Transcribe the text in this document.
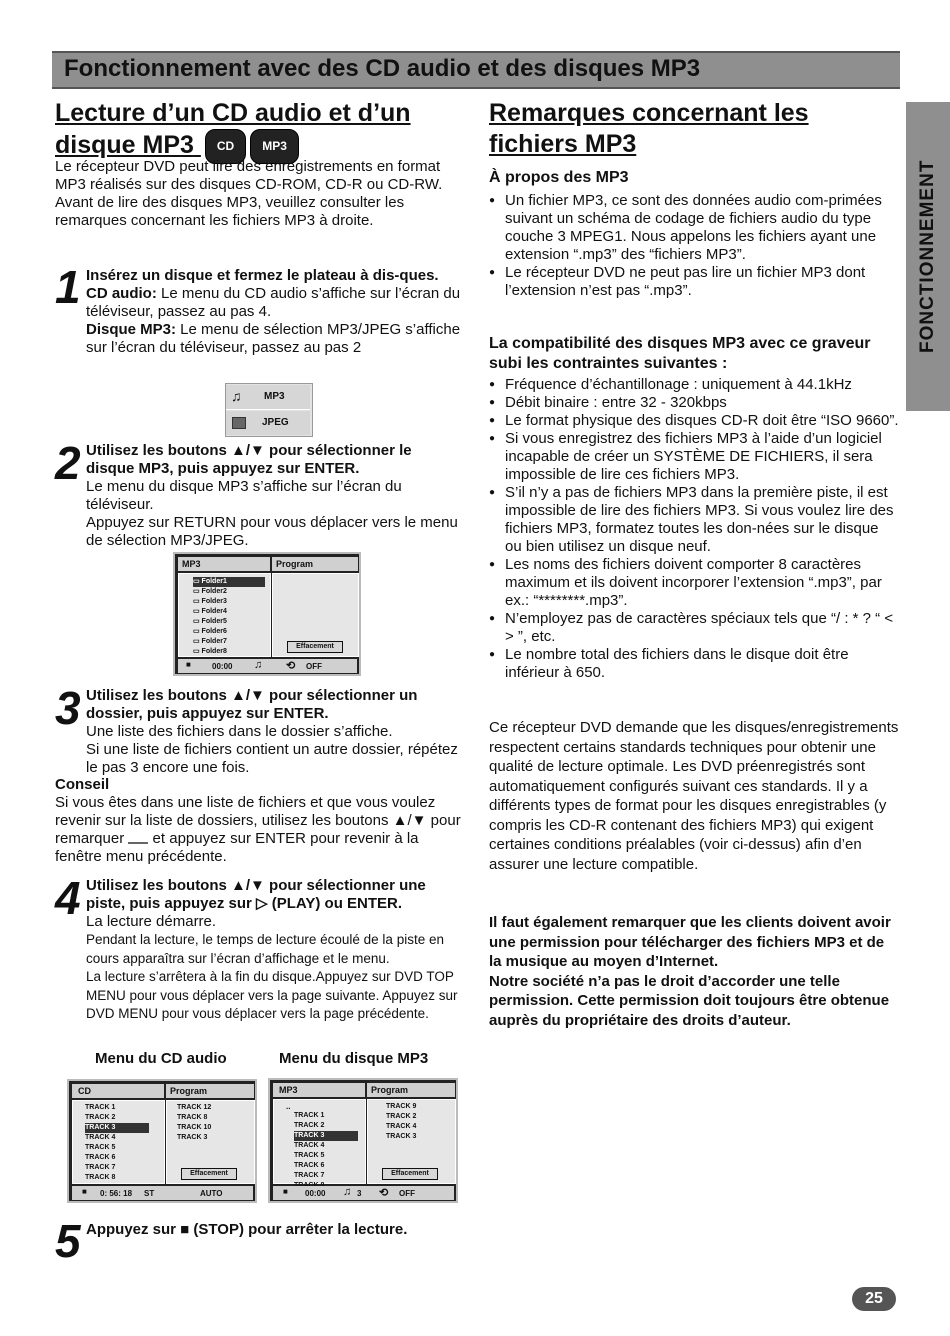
Fonctionnement avec des CD audio et des disques MP3
FONCTIONNEMENT
Lecture d’un CD audio et d’un
disque MP3 CD MP3
Le récepteur DVD peut lire des enregistrements en format MP3 réalisés sur des disques CD-ROM, CD-R ou CD-RW. Avant de lire des disques MP3, veuillez consulter les remarques concernant les fichiers MP3 à droite.
1 Insérez un disque et fermez le plateau à dis-ques.
CD audio: Le menu du CD audio s’affiche sur l’écran du téléviseur, passez au pas 4.
Disque MP3: Le menu de sélection MP3/JPEG s’affiche sur l’écran du téléviseur, passez au pas 2
♫ MP3
JPEG
2 Utilisez les boutons ▲/▼ pour sélectionner le disque MP3, puis appuyez sur ENTER.
Le menu du disque MP3 s’affiche sur l’écran du téléviseur.
Appuyez sur RETURN pour vous déplacer vers le menu de sélection MP3/JPEG.
MP3	Program
▭ Folder1
▭ Folder2
▭ Folder3
▭ Folder4
▭ Folder5
▭ Folder6
▭ Folder7
▭ Folder8
Effacement
■	00:00 ♫ ⟲ OFF
3 Utilisez les boutons ▲/▼ pour sélectionner un dossier, puis appuyez sur ENTER.
Une liste des fichiers dans le dossier s’affiche.
Si une liste de fichiers contient un autre dossier, répétez le pas 3 encore une fois.
Conseil
Si vous êtes dans une liste de fichiers et que vous voulez revenir sur la liste de dossiers, utilisez les boutons ▲/▼ pour remarquer et appuyez sur ENTER pour revenir à la fenêtre menu précédente.
4 Utilisez les boutons ▲/▼ pour sélectionner une piste, puis appuyez sur ▷ (PLAY) ou ENTER.
La lecture démarre.
Pendant la lecture, le temps de lecture écoulé de la piste en cours apparaîtra sur l’écran d’affichage et le menu.
La lecture s’arrêtera à la fin du disque.Appuyez sur DVD TOP MENU pour vous déplacer vers la page suivante. Appuyez sur DVD MENU pour vous déplacer vers la page précédente.
Menu du CD audio	Menu du disque MP3
CD	Program
TRACK 1
TRACK 2
TRACK 3
TRACK 4
TRACK 5
TRACK 6
TRACK 7
TRACK 8
TRACK 12
TRACK 8
TRACK 10
TRACK 3
Effacement
■ 0: 56: 18 ST	AUTO
MP3	Program
..
TRACK 1
TRACK 2
TRACK 3
TRACK 4
TRACK 5
TRACK 6
TRACK 7
TRACK 9
TRACK 2
TRACK 4
TRACK 3
Effacement
■ 00:00 ♫ 3 ⟲ OFF
5 Appuyez sur ■ (STOP) pour arrêter la lecture.
Remarques concernant les
fichiers MP3
À propos des MP3
● Un fichier MP3, ce sont des données audio com-primées suivant un schéma de codage de fichiers audio du type couche 3 MPEG1. Nous appelons les fichiers ayant une extension “.mp3” des “fichiers MP3”.
● Le récepteur DVD ne peut pas lire un fichier MP3 dont l’extension n’est pas “.mp3”.
La compatibilité des disques MP3 avec ce graveur subi les contraintes suivantes :
● Fréquence d’échantillonage : uniquement à 44.1kHz
● Débit binaire : entre 32 - 320kbps
● Le format physique des disques CD-R doit être “ISO 9660”.
● Si vous enregistrez des fichiers MP3 à l’aide d’un logiciel incapable de créer un SYSTÈME DE FICHIERS, il sera impossible de lire ces fichiers MP3.
● S’il n’y a pas de fichiers MP3 dans la première piste, il est impossible de lire des fichiers MP3. Si vous voulez lire des fichiers MP3, formatez toutes les don-nées sur le disque ou bien utilisez un disque neuf.
● Les noms des fichiers doivent comporter 8 caractères maximum et ils doivent incorporer l’extension “.mp3”, par ex.: “********.mp3”.
● N’employez pas de caractères spéciaux tels que “/ : * ? “ < > ”, etc.
● Le nombre total des fichiers dans le disque doit être inférieur à 650.
Ce récepteur DVD demande que les disques/enregistrements respectent certains standards techniques pour obtenir une qualité de lecture optimale. Les DVD préenregistrés sont automatiquement configurés suivant ces standards. Il y a différents types de format pour les disques enregistrables (y compris les CD-R contenant des fichiers MP3) qui exigent certaines conditions préalables (voir ci-dessus) afin d’en assurer une lecture compatible.
Il faut également remarquer que les clients doivent avoir une permission pour télécharger des fichiers MP3 et de la musique au moyen d’Internet.
Notre société n’a pas le droit d’accorder une telle permission. Cette permission doit toujours être obtenue auprès du propriétaire des droits d’auteur.
25
